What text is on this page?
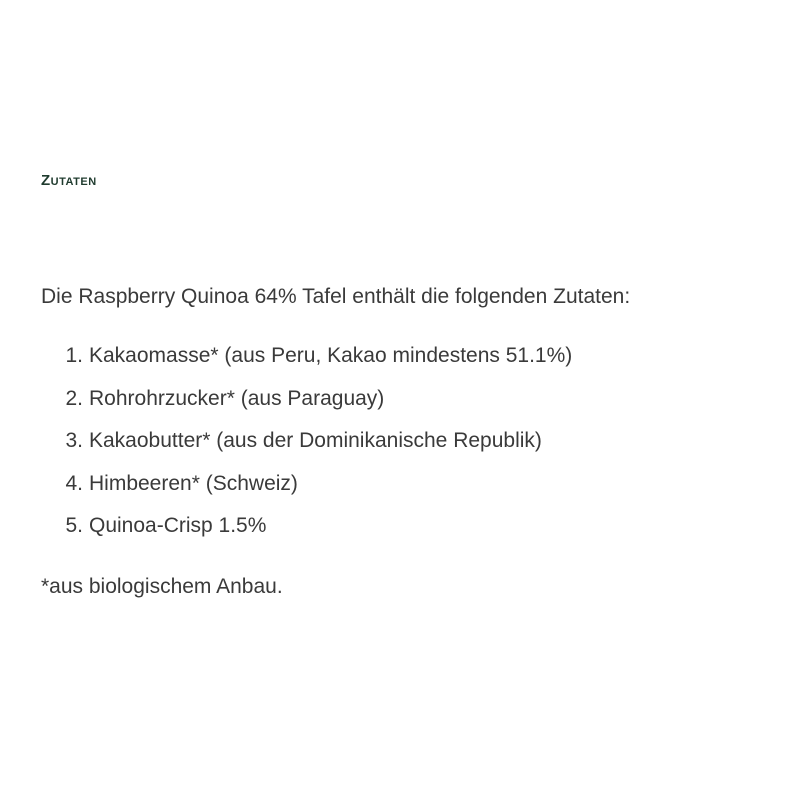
Zutaten
Die Raspberry Quinoa 64% Tafel enthält die folgenden Zutaten:
1. Kakaomasse* (aus Peru, Kakao mindestens 51.1%)
2. Rohrohrzucker* (aus Paraguay)
3. Kakaobutter* (aus der Dominikanische Republik)
4. Himbeeren* (Schweiz)
5. Quinoa-Crisp 1.5%
*aus biologischem Anbau.
